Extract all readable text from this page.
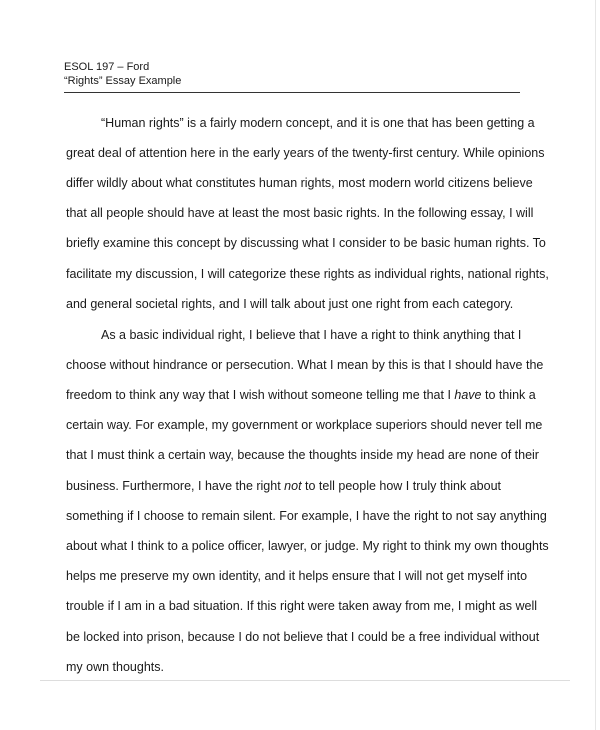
ESOL 197 – Ford
“Rights” Essay Example
“Human rights” is a fairly modern concept, and it is one that has been getting a
great deal of attention here in the early years of the twenty-first century. While opinions
differ wildly about what constitutes human rights, most modern world citizens believe
that all people should have at least the most basic rights. In the following essay, I will
briefly examine this concept by discussing what I consider to be basic human rights. To
facilitate my discussion, I will categorize these rights as individual rights, national rights,
and general societal rights, and I will talk about just one right from each category.
As a basic individual right, I believe that I have a right to think anything that I
choose without hindrance or persecution. What I mean by this is that I should have the
freedom to think any way that I wish without someone telling me that I have to think a
certain way. For example, my government or workplace superiors should never tell me
that I must think a certain way, because the thoughts inside my head are none of their
business. Furthermore, I have the right not to tell people how I truly think about
something if I choose to remain silent. For example, I have the right to not say anything
about what I think to a police officer, lawyer, or judge. My right to think my own thoughts
helps me preserve my own identity, and it helps ensure that I will not get myself into
trouble if I am in a bad situation. If this right were taken away from me, I might as well
be locked into prison, because I do not believe that I could be a free individual without
my own thoughts.
